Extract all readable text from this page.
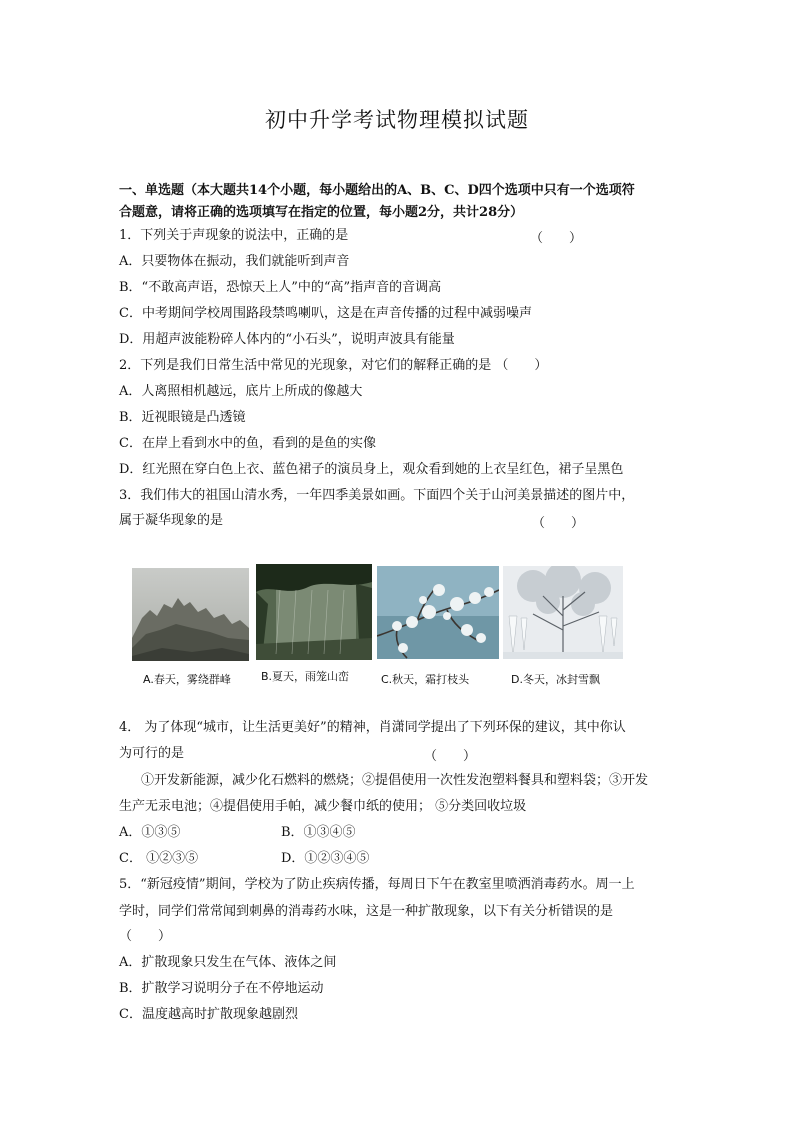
初中升学考试物理模拟试题
一、单选题（本大题共14个小题，每小题给出的A、B、C、D四个选项中只有一个选项符
合题意，请将正确的选项填写在指定的位置，每小题2分，共计28分）
1．下列关于声现象的说法中，正确的是	（　　）
A．只要物体在振动，我们就能听到声音
B．“不敢高声语，恐惊天上人”中的“高”指声音的音调高
C．中考期间学校周围路段禁鸣喇叭，这是在声音传播的过程中减弱噪声
D．用超声波能粉碎人体内的“小石头”，说明声波具有能量
2．下列是我们日常生活中常见的光现象，对它们的解释正确的是 （　　）
A．人离照相机越远，底片上所成的像越大
B．近视眼镜是凸透镜
C．在岸上看到水中的鱼，看到的是鱼的实像
D．红光照在穿白色上衣、蓝色裙子的演员身上，观众看到她的上衣呈红色，裙子呈黑色
3．我们伟大的祖国山清水秀，一年四季美景如画。下面四个关于山河美景描述的图片中，
属于凝华现象的是	（　　）
A.春天，雾绕群峰	B.夏天，雨笼山峦	C.秋天，霜打枝头	D.冬天，冰封雪飘
4． 为了体现“城市，让生活更美好”的精神，肖潇同学提出了下列环保的建议，其中你认
为可行的是	（　　）
①开发新能源，减少化石燃料的燃烧；②提倡使用一次性发泡塑料餐具和塑料袋；③开发
生产无汞电池；④提倡使用手帕，减少餐巾纸的使用； ⑤分类回收垃圾
A．①③⑤	B．①③④⑤
C． ①②③⑤	D．①②③④⑤
5．“新冠疫情”期间，学校为了防止疾病传播，每周日下午在教室里喷洒消毒药水。周一上
学时，同学们常常闻到刺鼻的消毒药水味，这是一种扩散现象，以下有关分析错误的是
（　　）
A．扩散现象只发生在气体、液体之间
B．扩散学习说明分子在不停地运动
C．温度越高时扩散现象越剧烈
